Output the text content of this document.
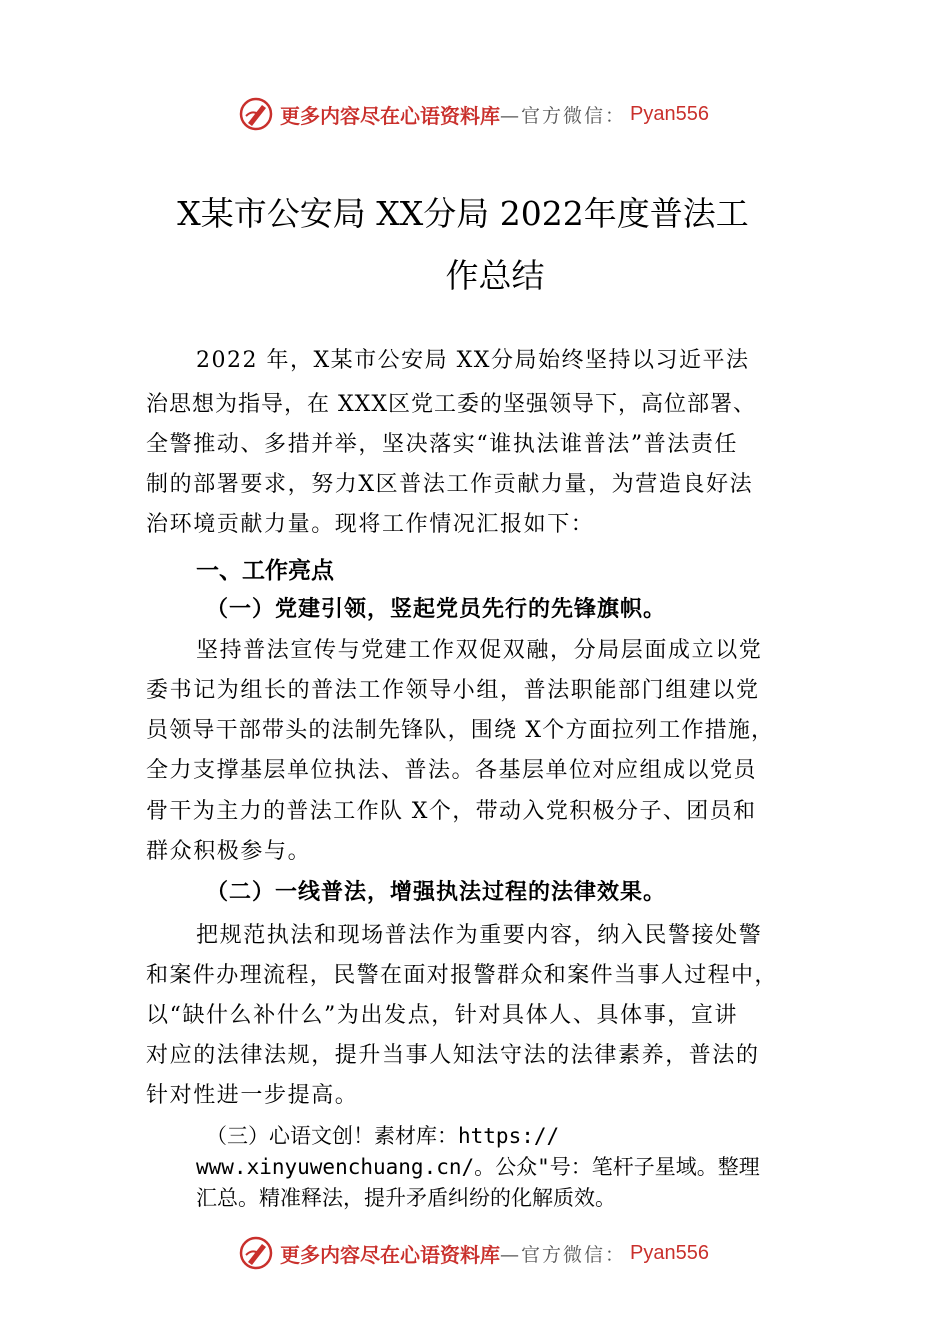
更多内容尽在心语资料库 —官方微信： Pyan556
X某市公安局 XX分局 2022年度普法工
作总结
2022 年，X某市公安局 XX分局始终坚持以习近平法
治思想为指导，在 XXX区党工委的坚强领导下，高位部署、
全警推动、多措并举，坚决落实“谁执法谁普法”普法责任
制的部署要求，努力X区普法工作贡献力量，为营造良好法
治环境贡献力量。现将工作情况汇报如下：
一、工作亮点
（一）党建引领，竖起党员先行的先锋旗帜。
坚持普法宣传与党建工作双促双融，分局层面成立以党
委书记为组长的普法工作领导小组，普法职能部门组建以党
员领导干部带头的法制先锋队，围绕 X个方面拉列工作措施，
全力支撑基层单位执法、普法。各基层单位对应组成以党员
骨干为主力的普法工作队 X个，带动入党积极分子、团员和
群众积极参与。
（二）一线普法，增强执法过程的法律效果。
把规范执法和现场普法作为重要内容，纳入民警接处警
和案件办理流程，民警在面对报警群众和案件当事人过程中，
以“缺什么补什么”为出发点，针对具体人、具体事，宣讲
对应的法律法规，提升当事人知法守法的法律素养，普法的
针对性进一步提高。
（三）心语文创！素材库：https://
www.xinyuwenchuang.cn/。公众"号：笔杆子星域。整理
汇总。精准释法，提升矛盾纠纷的化解质效。
更多内容尽在心语资料库 —官方微信： Pyan556
